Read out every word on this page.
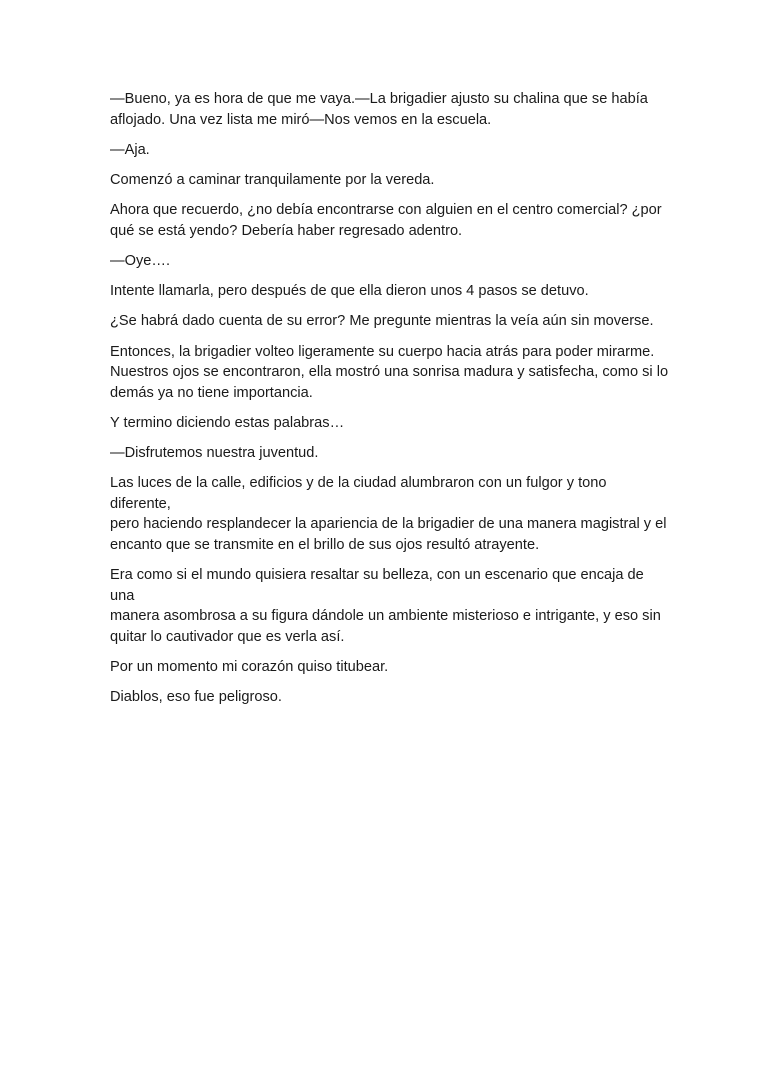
—Bueno, ya es hora de que me vaya.—La brigadier ajusto su chalina que se había
aflojado. Una vez lista me miró—Nos vemos en la escuela.

—Aja.

Comenzó a caminar tranquilamente por la vereda.

Ahora que recuerdo, ¿no debía encontrarse con alguien en el centro comercial? ¿por
qué se está yendo? Debería haber regresado adentro.

—Oye….

Intente llamarla, pero después de que ella dieron unos 4 pasos se detuvo.

¿Se habrá dado cuenta de su error? Me pregunte mientras la veía aún sin moverse.

Entonces, la brigadier volteo ligeramente su cuerpo hacia atrás para poder mirarme.
Nuestros ojos se encontraron, ella mostró una sonrisa madura y satisfecha, como si lo
demás ya no tiene importancia.

Y termino diciendo estas palabras…

—Disfrutemos nuestra juventud.

Las luces de la calle, edificios y de la ciudad alumbraron con un fulgor y tono diferente,
pero haciendo resplandecer la apariencia de la brigadier de una manera magistral y el
encanto que se transmite en el brillo de sus ojos resultó atrayente.

Era como si el mundo quisiera resaltar su belleza, con un escenario que encaja de una
manera asombrosa a su figura dándole un ambiente misterioso e intrigante, y eso sin
quitar lo cautivador que es verla así.

Por un momento mi corazón quiso titubear.

Diablos, eso fue peligroso.
